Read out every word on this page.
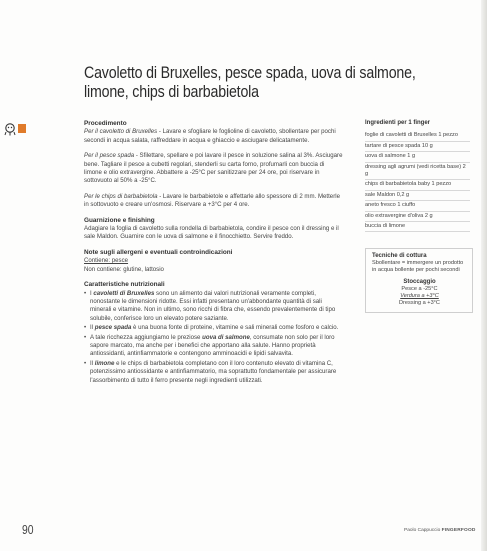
Cavoletto di Bruxelles, pesce spada, uova di salmone,
limone, chips di barbabietola
Procedimento

Per il cavoletto di Bruxelles - Lavare e sfogliare le foglioline di cavoletto, sbollentare per pochi secondi in acqua salata, raffreddare in acqua e ghiaccio e asciugare delicatamente.

Per il pesce spada - Sfilettare, spellare e poi lavare il pesce in soluzione salina al 3%. Asciugare bene. Tagliare il pesce a cubetti regolari, stenderli su carta forno, profumarli con buccia di limone e olio extravergine. Abbattere a -25°C per sanitizzare per 24 ore, poi riservare in sottovuoto al 50% a -25°C.

Per le chips di barbabietola - Lavare le barbabietole e affettarle allo spessore di 2 mm. Metterle in sottovuoto e creare un'osmosi. Riservare a +3°C per 4 ore.

Guarnizione e finishing

Adagiare la foglia di cavoletto sulla rondella di barbabietola, condire il pesce con il dressing e il sale Maldon. Guarnire con le uova di salmone e il finocchietto. Servire freddo.

Note sugli allergeni e eventuali controindicazioni

Contiene: pesce
Non contiene: glutine, lattosio

Caratteristiche nutrizionali
• I cavoletti di Bruxelles sono un alimento dai valori nutrizionali veramente completi, nonostante le dimensioni ridotte. Essi infatti presentano un'abbondante quantità di sali minerali e vitamine. Non in ultimo, sono ricchi di fibra che, essendo prevalentemente di tipo solubile, conferisce loro un elevato potere saziante.
• Il pesce spada è una buona fonte di proteine, vitamine e sali minerali come fosforo e calcio.
• A tale ricchezza aggiungiamo le preziose uova di salmone, consumate non solo per il loro sapore marcato, ma anche per i benefici che apportano alla salute. Hanno proprietà antiossidanti, antinfiammatorie e contengono amminoacidi e lipidi salvavita.
• Il limone e le chips di barbabietola completano con il loro contenuto elevato di vitamina C, potenzissimo antiossidante e antinfiammatorio, ma soprattutto fondamentale per assicurare l'assorbimento di tutto il ferro presente negli ingredienti utilizzati.
Ingredienti per 1 finger
foglie di cavoletti di Bruxelles 1 pezzo
tartare di pesce spada 10 g
uova di salmone 1 g
dressing agli agrumi (vedi ricetta base) 2 g
chips di barbabietola baby 1 pezzo
sale Maldon 0,2 g
aneto fresco 1 ciuffo
olio extravergine d'oliva 2 g
buccia di limone
Tecniche di cottura
Sbollentare = immergere un prodotto in acqua bollente per pochi secondi
Stoccaggio
Pesce a -25°C
Verdura a +3°C
Dressing a +3°C
90	Paolo Cappuccio FINGERFOOD
